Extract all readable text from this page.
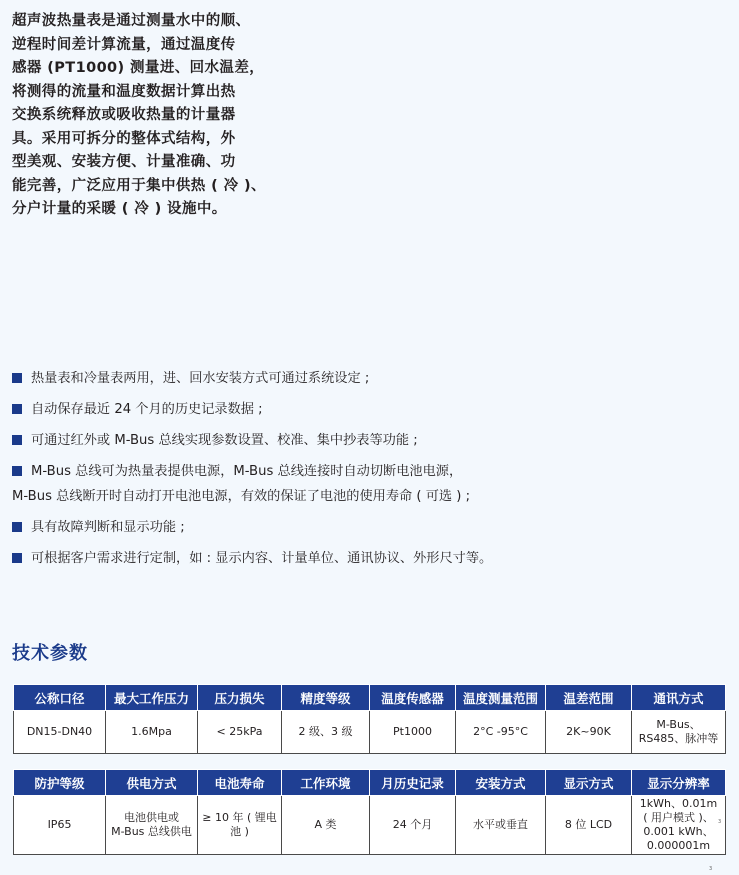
超声波热量表是通过测量水中的顺、
逆程时间差计算流量，通过温度传
感器 (PT1000) 测量进、回水温差，
将测得的流量和温度数据计算出热
交换系统释放或吸收热量的计量器
具。采用可拆分的整体式结构，外
型美观、安装方便、计量准确、功
能完善，广泛应用于集中供热 ( 冷 )、
分户计量的采暖 ( 冷 ) 设施中。
热量表和冷量表两用，进、回水安装方式可通过系统设定 ;
自动保存最近 24 个月的历史记录数据 ;
可通过红外或 M-Bus 总线实现参数设置、校准、集中抄表等功能 ;
M-Bus 总线可为热量表提供电源，M-Bus 总线连接时自动切断电池电源，
M-Bus 总线断开时自动打开电池电源，有效的保证了电池的使用寿命 ( 可选 ) ;
具有故障判断和显示功能 ;
可根据客户需求进行定制，如 : 显示内容、计量单位、通讯协议、外形尺寸等。
技术参数
公称口径	最大工作压力	压力损失	精度等级	温度传感器	温度测量范围	温差范围	通讯方式
DN15-DN40	1.6Mpa	< 25kPa	2 级、3 级	Pt1000	2°C -95°C	2K~90K	M-Bus、
RS485、脉冲等
防护等级	供电方式	电池寿命	工作环境	月历史记录	安装方式	显示方式	显示分辨率
IP65	电池供电或
M-Bus 总线供电	≥ 10 年 ( 锂电池 )	A 类	24 个月	水平或垂直	8 位 LCD	1kWh、0.01m
( 用户模式 )、
0.001 kWh、
0.000001m
3
3
